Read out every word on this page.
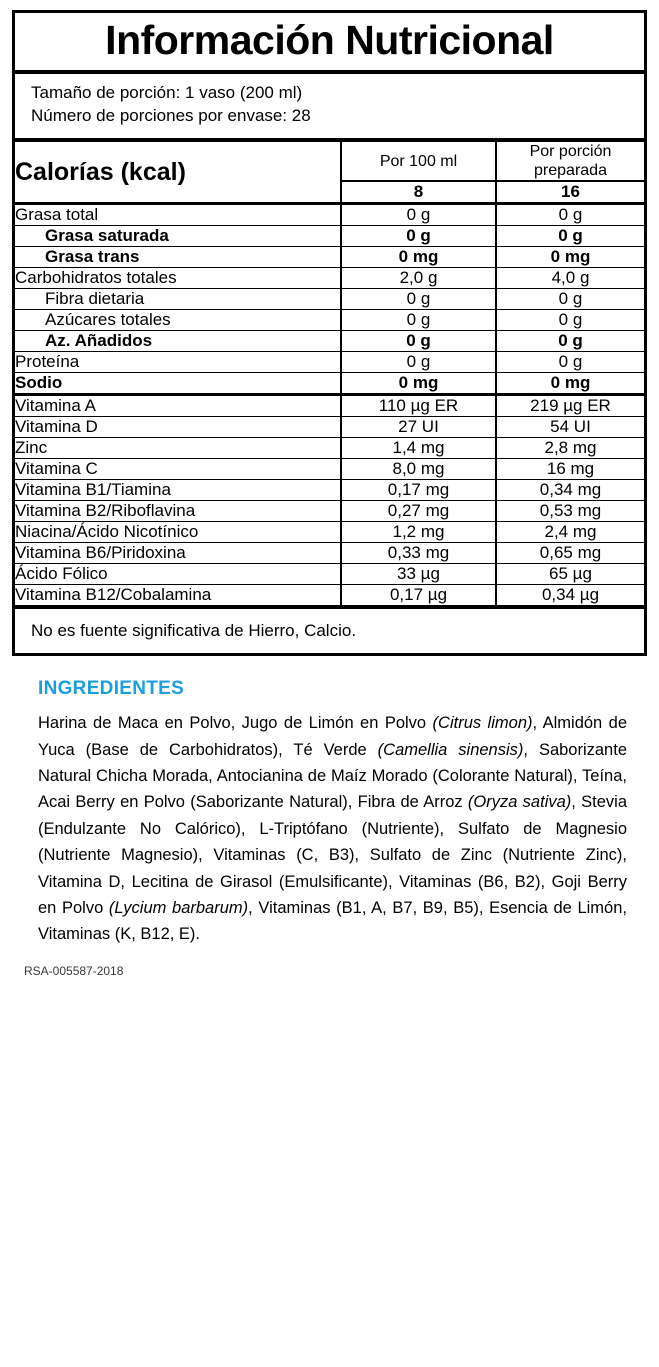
Información Nutricional
Tamaño de porción: 1 vaso (200 ml)
Número de porciones por envase: 28
Calorías (kcal)	Por 100 ml	Por porción preparada
	8	16

Grasa total	0 g	0 g
Grasa saturada	0 g	0 g
Grasa trans	0 mg	0 mg
Carbohidratos totales	2,0 g	4,0 g
Fibra dietaria	0 g	0 g
Azúcares totales	0 g	0 g
Az. Añadidos	0 g	0 g
Proteína	0 g	0 g
Sodio	0 mg	0 mg

Vitamina A	110 µg ER	219 µg ER
Vitamina D	27 UI	54 UI
Zinc	1,4 mg	2,8 mg
Vitamina C	8,0 mg	16 mg
Vitamina B1/Tiamina	0,17 mg	0,34 mg
Vitamina B2/Riboflavina	0,27 mg	0,53 mg
Niacina/Ácido Nicotínico	1,2 mg	2,4 mg
Vitamina B6/Piridoxina	0,33 mg	0,65 mg
Ácido Fólico	33 µg	65 µg
Vitamina B12/Cobalamina	0,17 µg	0,34 µg
No es fuente significativa de Hierro, Calcio.
INGREDIENTES
Harina de Maca en Polvo, Jugo de Limón en Polvo (Citrus limon), Almidón de Yuca (Base de Carbohidratos), Té Verde (Camellia sinensis), Saborizante Natural Chicha Morada, Antocianina de Maíz Morado (Colorante Natural), Teína, Acai Berry en Polvo (Saborizante Natural), Fibra de Arroz (Oryza sativa), Stevia (Endulzante No Calórico), L-Triptófano (Nutriente), Sulfato de Magnesio (Nutriente Magnesio), Vitaminas (C, B3), Sulfato de Zinc (Nutriente Zinc), Vitamina D, Lecitina de Girasol (Emulsificante), Vitaminas (B6, B2), Goji Berry en Polvo (Lycium barbarum), Vitaminas (B1, A, B7, B9, B5), Esencia de Limón, Vitaminas (K, B12, E).
RSA-005587-2018
